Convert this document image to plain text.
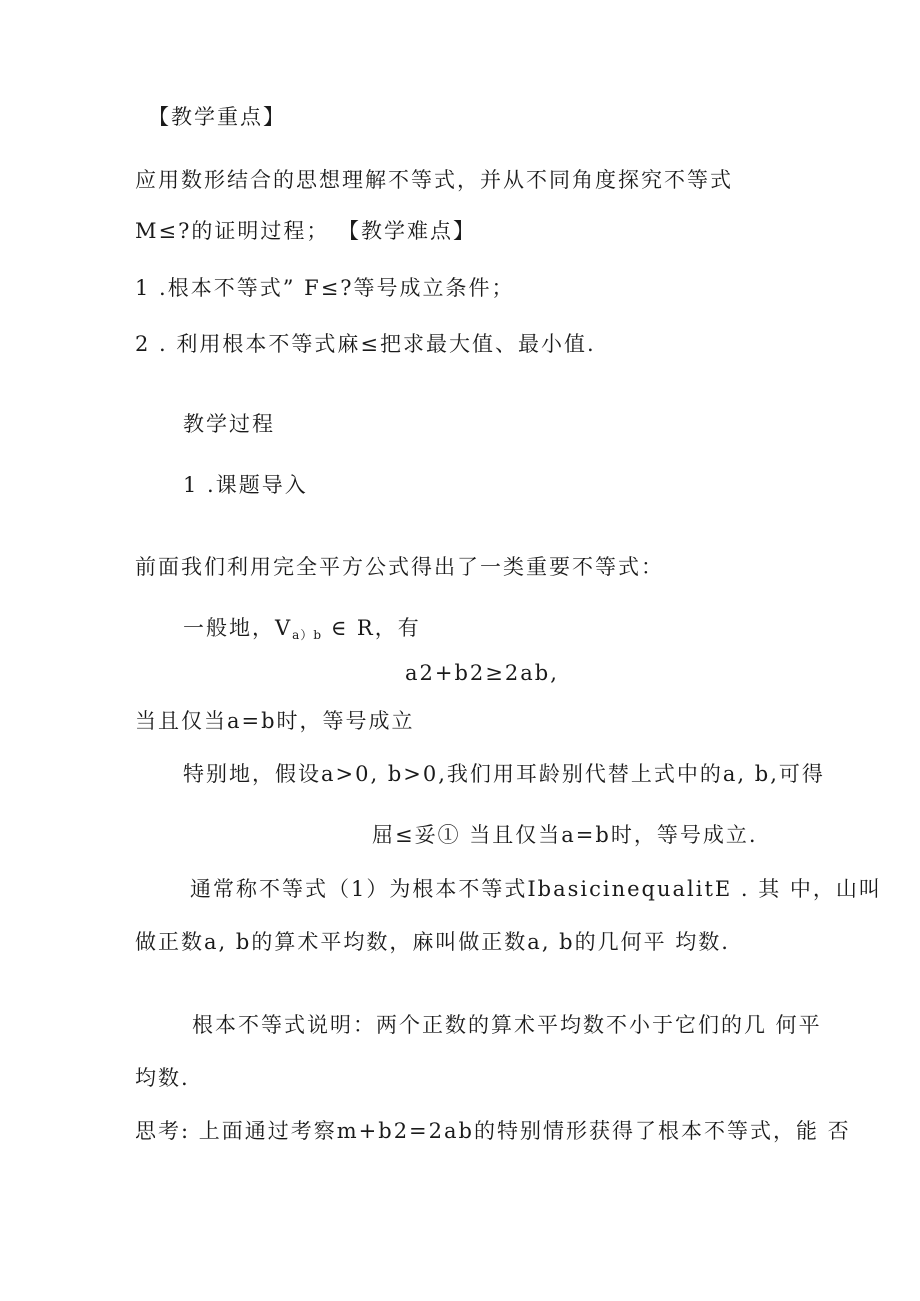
【教学重点】
应用数形结合的思想理解不等式，并从不同角度探究不等式
M≤?的证明过程； 【教学难点】
1 .根本不等式” F≤?等号成立条件；
2 . 利用根本不等式麻≤把求最大值、最小值.
教学过程
1 .课题导入
前面我们利用完全平方公式得出了一类重要不等式：
一般地，Va）b ∈ R，有
a2+b2≥2ab,
当且仅当a=b时，等号成立
特别地，假设a>0, b>0,我们用耳龄别代替上式中的a, b,可得
屈≤妥① 当且仅当a=b时，等号成立.
通常称不等式（1）为根本不等式IbasicinequalitE . 其 中，山叫
做正数a, b的算术平均数，麻叫做正数a, b的几何平 均数.
根本不等式说明：两个正数的算术平均数不小于它们的几 何平
均数.
思考: 上面通过考察m+b2=2ab的特别情形获得了根本不等式，能 否
